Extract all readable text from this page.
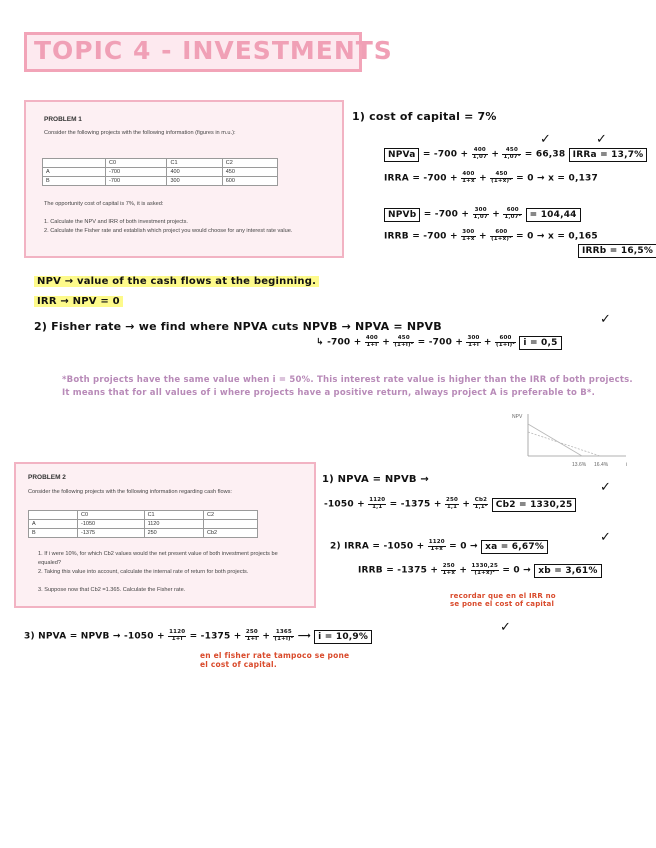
TOPIC 4 - INVESTMENTS
PROBLEM 1
Consider the following projects with the following information (figures in m.u.):
	C0	C1	C2
A	-700	400	450
B	-700	300	600
The opportunity cost of capital is 7%, it is asked:
1. Calculate the NPV and IRR of both investment projects.
2. Calculate the Fisher rate and establish which project you would choose for any interest rate value.
1) cost of capital = 7%
NPVa = $-700 + \frac{400}{1,07} + \frac{450}{\text{1,07²}} = 66,38$ IRRa = 13,7%
✓	✓
IRRA = $-700 + \frac{400}{1+x} + \frac{450}{\text{(1+x)²}} = 0 \to x = 0,137$
NPVb = $-700 + \frac{300}{1,07} + \frac{600}{\text{1,07²}} = 104,44$
IRRB = $-700 + \frac{300}{1+x} + \frac{600}{\text{(1+x)²}} = 0 \to x = 0,165$
IRRb = 16,5%
NPV → value of the cash flows at the beginning.
IRR → NPV = 0
2) Fisher rate → we find where NPVA cuts NPVB → NPVA = NPVB	✓
↳ $-700 + \frac{400}{1+i} + \frac{450}{\text{(1+i)²}} = -700 + \frac{300}{1+i} + \frac{600}{\text{(1+i)²}}$ i = 0,5
*Both projects have the same value when i = 50%. This interest rate value is higher than the IRR of both projects. It means that for all values of i where projects have a positive return, always project A is preferable to B*.
NPV
i
13.6% 16.4%
PROBLEM 2
Consider the following projects with the following information regarding cash flows:
	C0	C1	C2
A	-1050	1120	
B	-1375	250	Cb2
1. If i were 10%, for which Cb2 values would the net present value of both investment projects be equaled?
2. Taking this value into account, calculate the internal rate of return for both projects.
3. Suppose now that Cb2 =1.365. Calculate the Fisher rate.
1) NPVA = NPVB →
✓
$-1050 + \frac{1120}{1,1} = -1375 + \frac{250}{1,1} + \frac{Cb2}{\text{1,1²}} Cb2 = 1330,25$
2) IRRA = $-1050 + \frac{1120}{1+x} = 0$ → xa = 6,67%
✓
IRRB = $-1375 + \frac{250}{1+x} + \frac{1330,25}{\text{(1+x)²}} = 0$ → xb = 3,61%
recordar que en el IRR no se pone el cost of capital
3) NPVA = NPVB → $-1050 + \frac{1120}{1+i} = -1375 + \frac{250}{1+i} + \frac{1365}{\text{(1+i)²}}$ ⟶ i = 10,9%
✓
en el fisher rate tampoco se pone el cost of capital.
